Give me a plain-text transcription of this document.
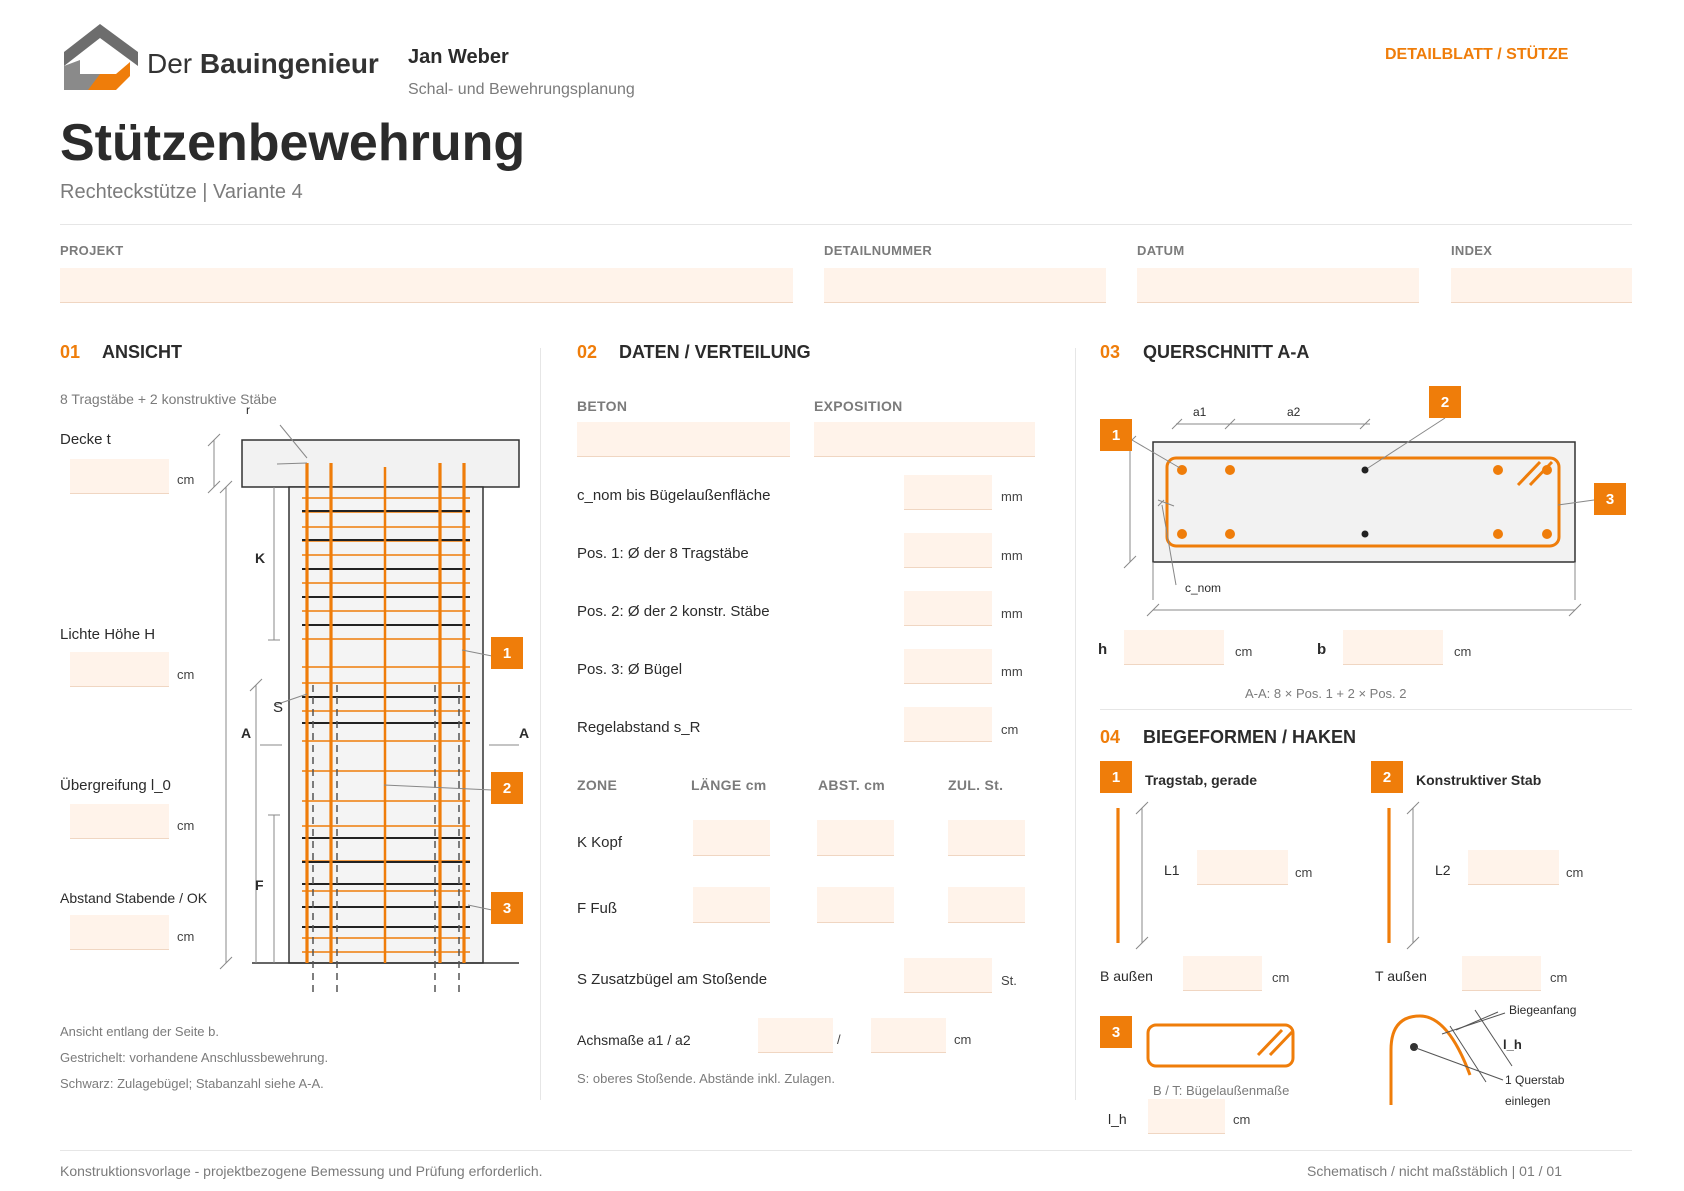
Der Bauingenieur Jan Weber
Schal- und Bewehrungsplanung
DETAILBLATT / STÜTZE
Stützenbewehrung
Rechteckstütze | Variante 4
PROJEKT	DETAILNUMMER	DATUM	INDEX
01 ANSICHT
8 Tragstäbe + 2 konstruktive Stäbe
Decke t
cm
Lichte Höhe H
cm
Übergreifung l_0
cm
Abstand Stabende / OK
cm
r
K
A	A
S
F
1
2
3
Ansicht entlang der Seite b.
Gestrichelt: vorhandene Anschlussbewehrung.
Schwarz: Zulagebügel; Stabanzahl siehe A-A.
02 DATEN / VERTEILUNG
BETON	EXPOSITION
c_nom bis Bügelaußenfläche	mm
Pos. 1: Ø der 8 Tragstäbe	mm
Pos. 2: Ø der 2 konstr. Stäbe	mm
Pos. 3: Ø Bügel	mm
Regelabstand s_R	cm
ZONE	LÄNGE cm	ABST. cm	ZUL. St.
K Kopf
F Fuß
S Zusatzbügel am Stoßende	St.
Achsmaße a1 / a2	/	cm
S: oberes Stoßende. Abstände inkl. Zulagen.
03 QUERSCHNITT A-A
a1	a2
c_nom
1
2
3
h	cm	b	cm
A-A: 8 × Pos. 1 + 2 × Pos. 2
04 BIEGEFORMEN / HAKEN
1	Tragstab, gerade	2	Konstruktiver Stab
L1	cm	L2	cm
B außen	cm	T außen	cm
3
B / T: Bügelaußenmaße
l_h	cm
Biegeanfang
l_h
1 Querstab
einlegen
Konstruktionsvorlage - projektbezogene Bemessung und Prüfung erforderlich.	Schematisch / nicht maßstäblich | 01 / 01
